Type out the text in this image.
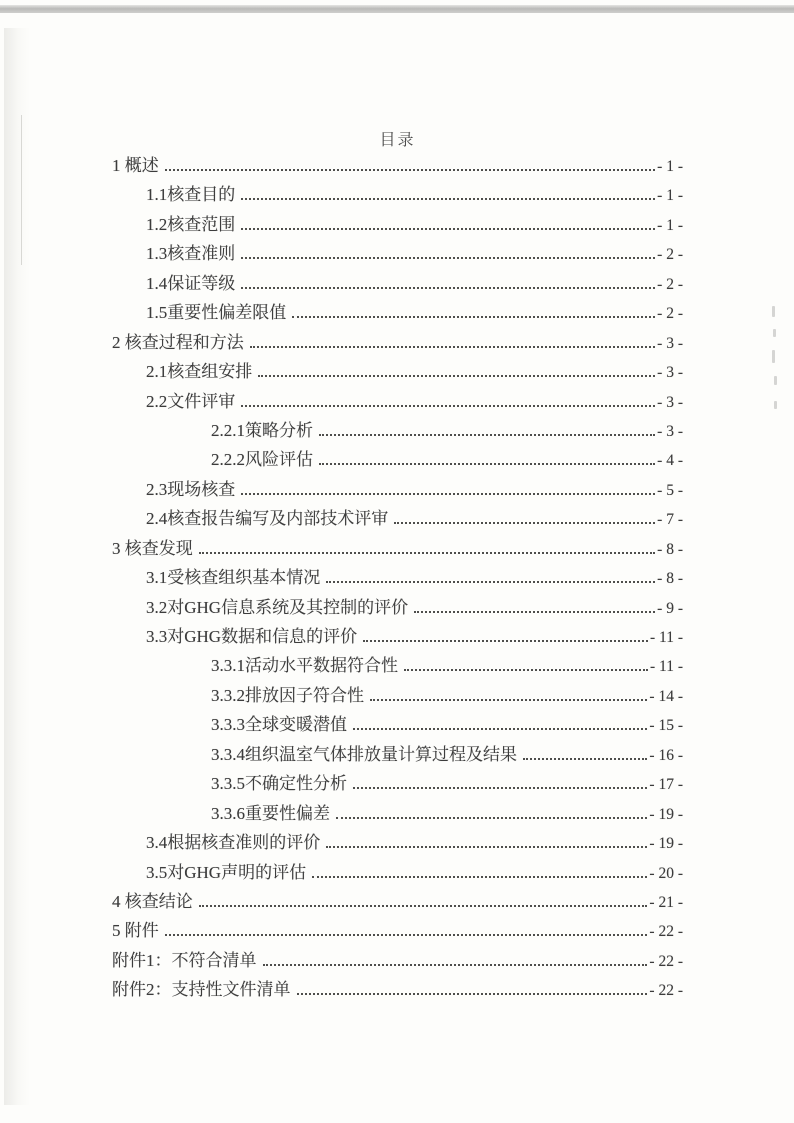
目录
1 概述	- 1 -
1.1核查目的	- 1 -
1.2核查范围	- 1 -
1.3核查准则	- 2 -
1.4保证等级	- 2 -
1.5重要性偏差限值	- 2 -
2 核查过程和方法	- 3 -
2.1核查组安排	- 3 -
2.2文件评审	- 3 -
2.2.1策略分析	- 3 -
2.2.2风险评估	- 4 -
2.3现场核查	- 5 -
2.4核查报告编写及内部技术评审	- 7 -
3 核查发现	- 8 -
3.1受核查组织基本情况	- 8 -
3.2对GHG信息系统及其控制的评价	- 9 -
3.3对GHG数据和信息的评价	- 11 -
3.3.1活动水平数据符合性	- 11 -
3.3.2排放因子符合性	- 14 -
3.3.3全球变暖潜值	- 15 -
3.3.4组织温室气体排放量计算过程及结果	- 16 -
3.3.5不确定性分析	- 17 -
3.3.6重要性偏差	- 19 -
3.4根据核查准则的评价	- 19 -
3.5对GHG声明的评估	- 20 -
4 核查结论	- 21 -
5 附件	- 22 -
附件1：不符合清单	- 22 -
附件2：支持性文件清单	- 22 -
